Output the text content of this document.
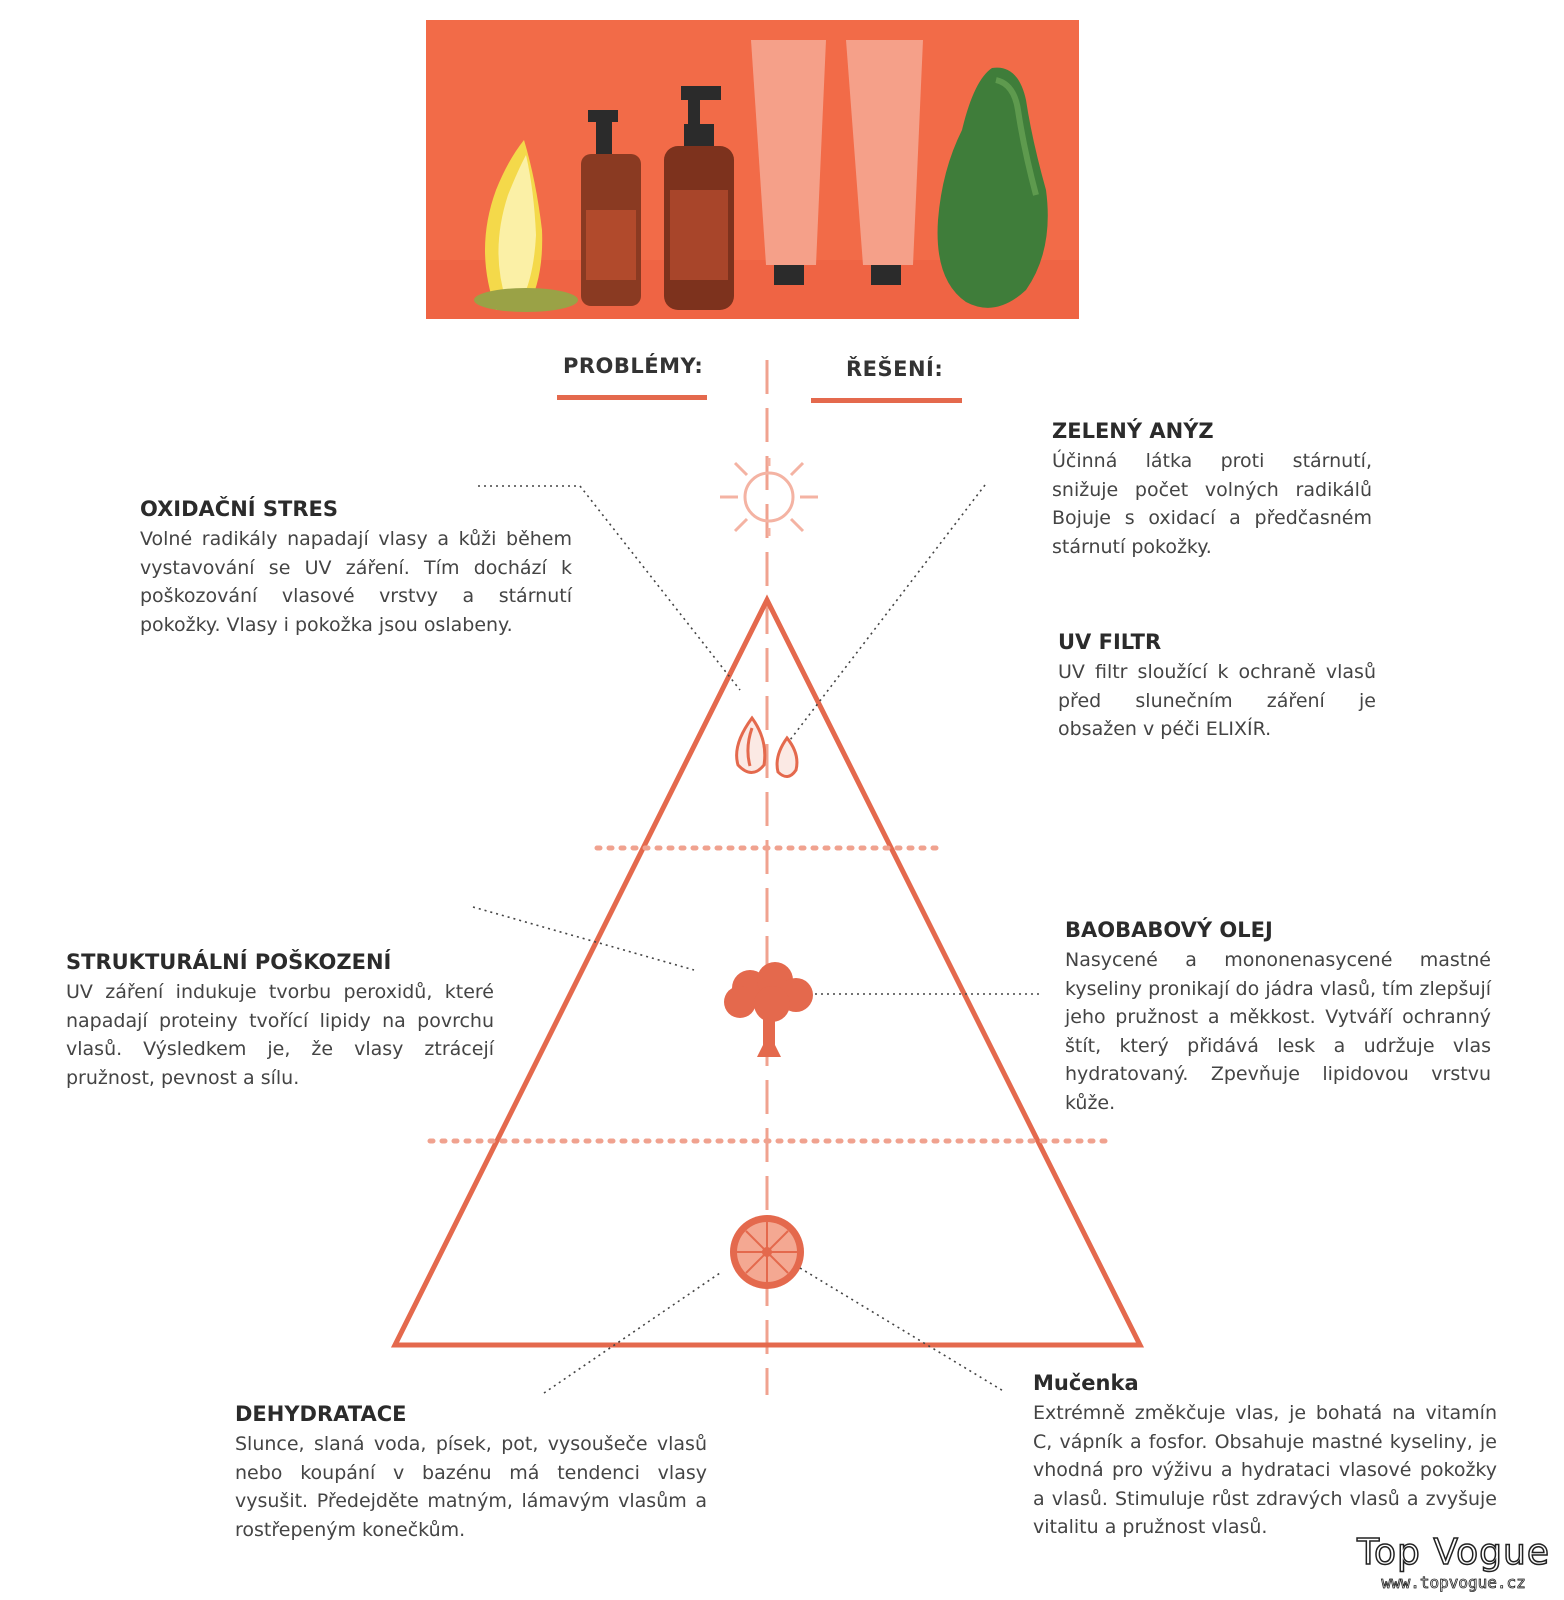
PROBLÉMY:	ŘEŠENÍ:
OXIDAČNÍ STRES

Volné radikály napadají vlasy a kůži během vystavování se UV záření. Tím dochází k poškozování vlasové vrstvy a stárnutí pokožky. Vlasy i pokožka jsou oslabeny.

STRUKTURÁLNÍ POŠKOZENÍ

UV záření indukuje tvorbu peroxidů, které napadají proteiny tvořící lipidy na povrchu vlasů. Výsledkem je, že vlasy ztrácejí pružnost, pevnost a sílu.

DEHYDRATACE

Slunce, slaná voda, písek, pot, vysoušeče vlasů nebo koupání v bazénu má tendenci vlasy vysušit. Předejděte matným, lámavým vlasům a rostřepeným konečkům.

ZELENÝ ANÝZ

Účinná látka proti stárnutí, snižuje počet volných radikálů Bojuje s oxidací a předčasném stárnutí pokožky.

UV FILTR

UV filtr sloužící k ochraně vlasů před slunečním záření je obsažen v péči ELIXÍR.

BAOBABOVÝ OLEJ

Nasycené a mononenasycené mastné kyseliny pronikají do jádra vlasů, tím zlepšují jeho pružnost a měkkost. Vytváří ochranný štít, který přidává lesk a udržuje vlas hydratovaný. Zpevňuje lipidovou vrstvu kůže.

Mučenka

Extrémně změkčuje vlas, je bohatá na vitamín C, vápník a fosfor. Obsahuje mastné kyseliny, je vhodná pro výživu a hydrataci vlasové pokožky a vlasů. Stimuluje růst zdravých vlasů a zvyšuje vitalitu a pružnost vlasů.

Top Vogue
www.topvogue.cz
